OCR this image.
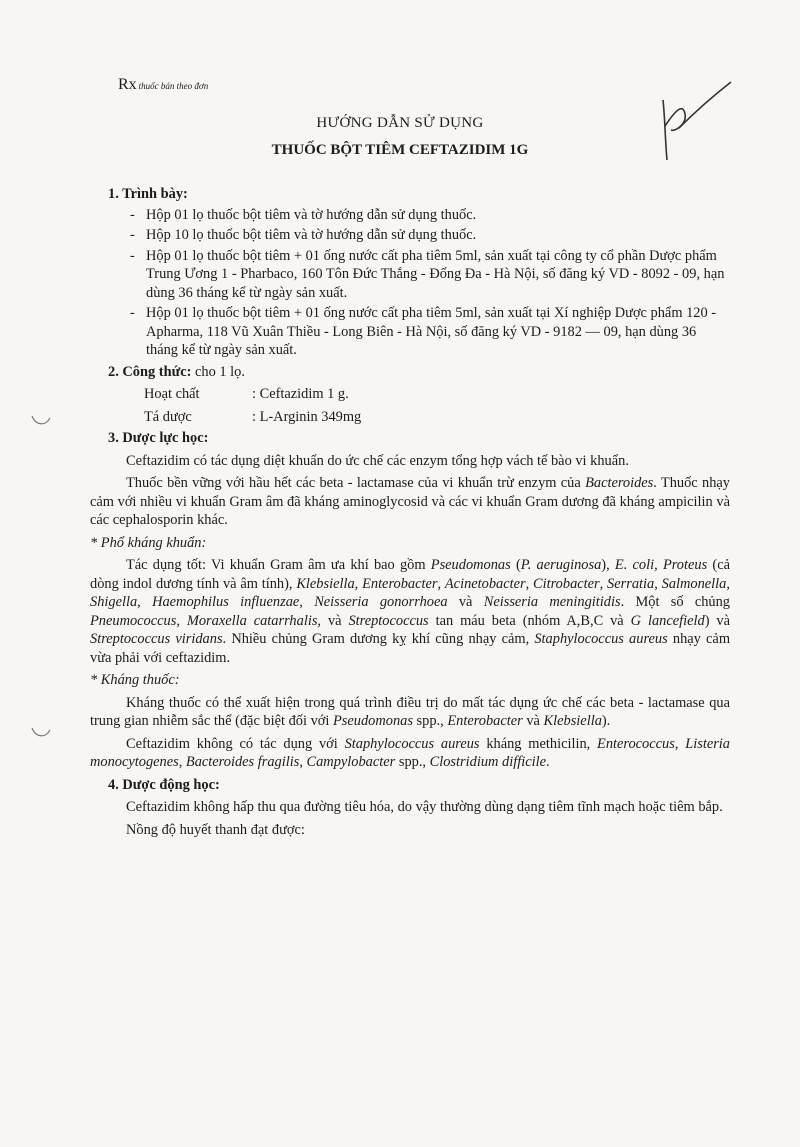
Rx thuốc bán theo đơn
HƯỚNG DẪN SỬ DỤNG
THUỐC BỘT TIÊM CEFTAZIDIM 1G
1. Trình bày:
- Hộp 01 lọ thuốc bột tiêm và tờ hướng dẫn sử dụng thuốc.
- Hộp 10 lọ thuốc bột tiêm và tờ hướng dẫn sử dụng thuốc.
- Hộp 01 lọ thuốc bột tiêm + 01 ống nước cất pha tiêm 5ml, sản xuất tại công ty cổ phần Dược phẩm Trung Ương 1 - Pharbaco, 160 Tôn Đức Thắng - Đống Đa - Hà Nội, số đăng ký VD - 8092 - 09, hạn dùng 36 tháng kể từ ngày sản xuất.
- Hộp 01 lọ thuốc bột tiêm + 01 ống nước cất pha tiêm 5ml, sản xuất tại Xí nghiệp Dược phẩm 120 - Apharma, 118 Vũ Xuân Thiều - Long Biên - Hà Nội, số đăng ký VD - 9182 — 09, hạn dùng 36 tháng kể từ ngày sản xuất.
2. Công thức: cho 1 lọ.
Hoạt chất	: Ceftazidim 1 g.
Tá dược	: L-Arginin 349mg
3. Dược lực học:
Ceftazidim có tác dụng diệt khuẩn do ức chế các enzym tổng hợp vách tế bào vi khuẩn.
Thuốc bền vững với hầu hết các beta - lactamase của vi khuẩn trừ enzym của Bacteroides. Thuốc nhạy cảm với nhiều vi khuẩn Gram âm đã kháng aminoglycosid và các vi khuẩn Gram dương đã kháng ampicilin và các cephalosporin khác.
* Phổ kháng khuẩn:
Tác dụng tốt: Vi khuẩn Gram âm ưa khí bao gồm Pseudomonas (P. aeruginosa), E. coli, Proteus (cả dòng indol dương tính và âm tính), Klebsiella, Enterobacter, Acinetobacter, Citrobacter, Serratia, Salmonella, Shigella, Haemophilus influenzae, Neisseria gonorrhoea và Neisseria meningitidis. Một số chủng Pneumococcus, Moraxella catarrhalis, và Streptococcus tan máu beta (nhóm A,B,C và G lancefield) và Streptococcus viridans. Nhiều chủng Gram dương kỵ khí cũng nhạy cảm, Staphylococcus aureus nhạy cảm vừa phải với ceftazidim.
* Kháng thuốc:
Kháng thuốc có thể xuất hiện trong quá trình điều trị do mất tác dụng ức chế các beta - lactamase qua trung gian nhiễm sắc thể (đặc biệt đối với Pseudomonas spp., Enterobacter và Klebsiella).
Ceftazidim không có tác dụng với Staphylococcus aureus kháng methicilin, Enterococcus, Listeria monocytogenes, Bacteroides fragilis, Campylobacter spp., Clostridium difficile.
4. Dược động học:
Ceftazidim không hấp thu qua đường tiêu hóa, do vậy thường dùng dạng tiêm tĩnh mạch hoặc tiêm bắp.
Nồng độ huyết thanh đạt được:
